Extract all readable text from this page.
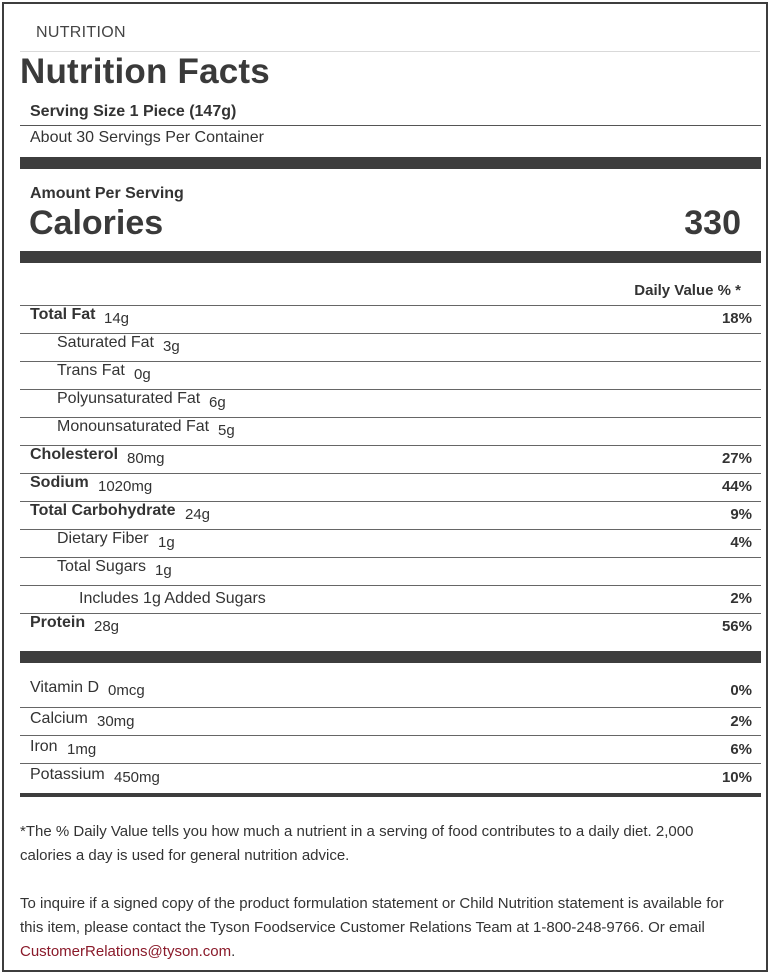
NUTRITION
Nutrition Facts
Serving Size 1 Piece (147g)
About 30 Servings Per Container
Amount Per Serving
Calories	330
Daily Value % *
Total Fat 14g	18%
Saturated Fat 3g
Trans Fat 0g
Polyunsaturated Fat 6g
Monounsaturated Fat 5g
Cholesterol 80mg	27%
Sodium 1020mg	44%
Total Carbohydrate 24g	9%
Dietary Fiber 1g	4%
Total Sugars 1g
Includes 1g Added Sugars	2%
Protein 28g	56%
Vitamin D 0mcg	0%
Calcium 30mg	2%
Iron 1mg	6%
Potassium 450mg	10%
*The % Daily Value tells you how much a nutrient in a serving of food contributes to a daily diet. 2,000 calories a day is used for general nutrition advice.
To inquire if a signed copy of the product formulation statement or Child Nutrition statement is available for this item, please contact the Tyson Foodservice Customer Relations Team at 1-800-248-9766. Or email CustomerRelations@tyson.com.
